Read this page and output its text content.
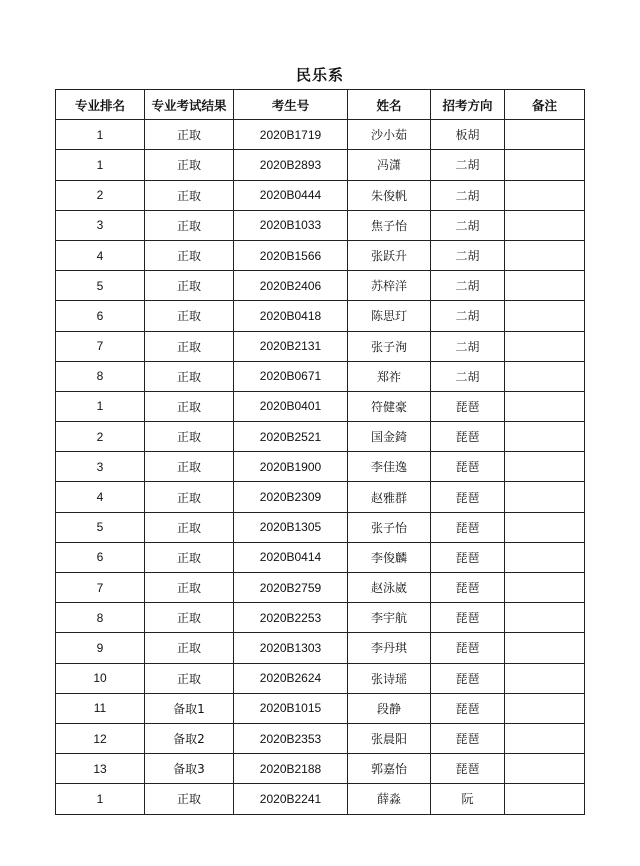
民乐系
专业排名	专业考试结果	考生号	姓名	招考方向	备注
1	正取	2020B1719	沙小茹	板胡	
1	正取	2020B2893	冯潇	二胡	
2	正取	2020B0444	朱俊帆	二胡	
3	正取	2020B1033	焦子怡	二胡	
4	正取	2020B1566	张跃升	二胡	
5	正取	2020B2406	苏梓洋	二胡	
6	正取	2020B0418	陈思玎	二胡	
7	正取	2020B2131	张子洵	二胡	
8	正取	2020B0671	郑祚	二胡	
1	正取	2020B0401	符健豪	琵琶	
2	正取	2020B2521	国金錡	琵琶	
3	正取	2020B1900	李佳逸	琵琶	
4	正取	2020B2309	赵雅群	琵琶	
5	正取	2020B1305	张子怡	琵琶	
6	正取	2020B0414	李俊麟	琵琶	
7	正取	2020B2759	赵泳崴	琵琶	
8	正取	2020B2253	李宇航	琵琶	
9	正取	2020B1303	李丹琪	琵琶	
10	正取	2020B2624	张诗瑶	琵琶	
11	备取1	2020B1015	段静	琵琶	
12	备取2	2020B2353	张晨阳	琵琶	
13	备取3	2020B2188	郭嘉怡	琵琶	
1	正取	2020B2241	薛淼	阮	
